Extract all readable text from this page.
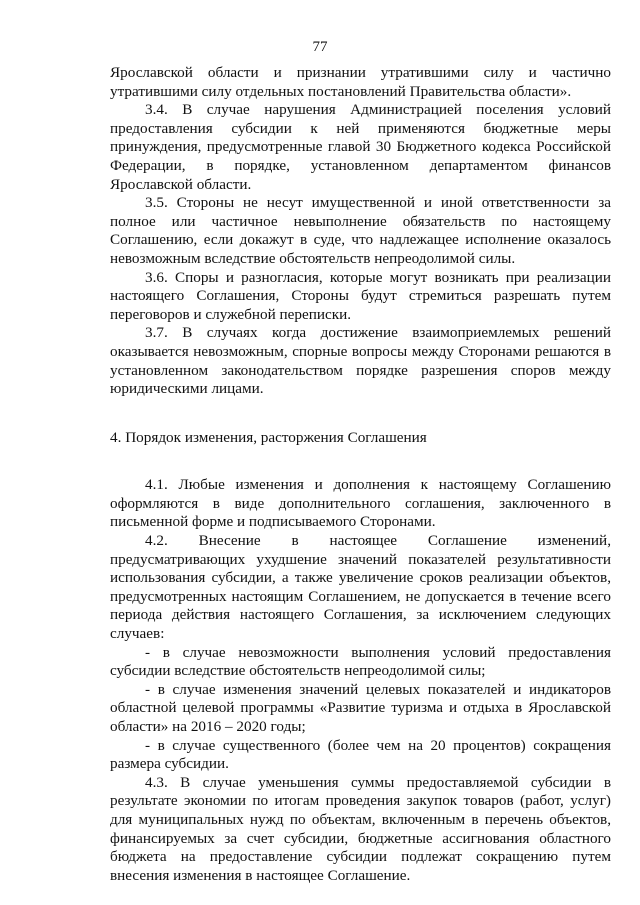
77

Ярославской области и признании утратившими силу и частично утратившими силу отдельных постановлений Правительства области».

3.4. В случае нарушения Администрацией поселения условий предоставления субсидии к ней применяются бюджетные меры принуждения, предусмотренные главой 30 Бюджетного кодекса Российской Федерации, в порядке, установленном департаментом финансов Ярославской области.

3.5. Стороны не несут имущественной и иной ответственности за полное или частичное невыполнение обязательств по настоящему Соглашению, если докажут в суде, что надлежащее исполнение оказалось невозможным вследствие обстоятельств непреодолимой силы.

3.6. Споры и разногласия, которые могут возникать при реализации настоящего Соглашения, Стороны будут стремиться разрешать путем переговоров и служебной переписки.

3.7. В случаях когда достижение взаимоприемлемых решений оказывается невозможным, спорные вопросы между Сторонами решаются в установленном законодательством порядке разрешения споров между юридическими лицами.

4. Порядок изменения, расторжения Соглашения

4.1. Любые изменения и дополнения к настоящему Соглашению оформляются в виде дополнительного соглашения, заключенного в письменной форме и подписываемого Сторонами.

4.2. Внесение в настоящее Соглашение изменений, предусматривающих ухудшение значений показателей результативности использования субсидии, а также увеличение сроков реализации объектов, предусмотренных настоящим Соглашением, не допускается в течение всего периода действия настоящего Соглашения, за исключением следующих случаев:

- в случае невозможности выполнения условий предоставления субсидии вследствие обстоятельств непреодолимой силы;

- в случае изменения значений целевых показателей и индикаторов областной целевой программы «Развитие туризма и отдыха в Ярославской области» на 2016 – 2020 годы;

- в случае существенного (более чем на 20 процентов) сокращения размера субсидии.

4.3. В случае уменьшения суммы предоставляемой субсидии в результате экономии по итогам проведения закупок товаров (работ, услуг) для муниципальных нужд по объектам, включенным в перечень объектов, финансируемых за счет субсидии, бюджетные ассигнования областного бюджета на предоставление субсидии подлежат сокращению путем внесения изменения в настоящее Соглашение.
